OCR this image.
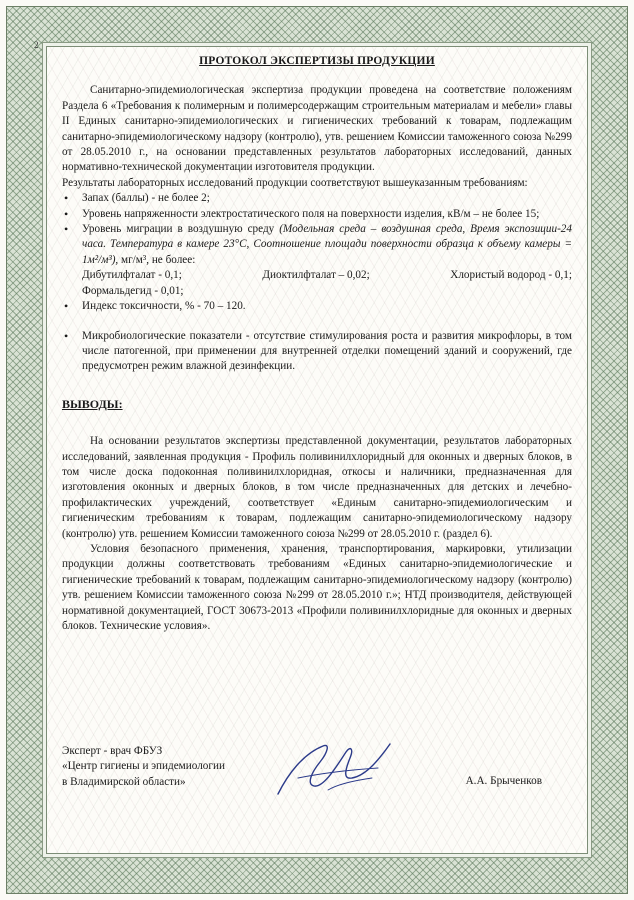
2
ПРОТОКОЛ ЭКСПЕРТИЗЫ ПРОДУКЦИИ

Санитарно-эпидемиологическая экспертиза продукции проведена на соответствие положениям Раздела 6 «Требования к полимерным и полимерсодержащим строительным материалам и мебели» главы II Единых санитарно-эпидемиологических и гигиенических требований к товарам, подлежащим санитарно-эпидемиологическому надзору (контролю), утв. решением Комиссии таможенного союза №299 от 28.05.2010 г., на основании представленных результатов лабораторных исследований, данных нормативно-технической документации изготовителя продукции.

Результаты лабораторных исследований продукции соответствуют вышеуказанным требованиям:

• Запах (баллы) - не более 2;
• Уровень напряженности электростатического поля на поверхности изделия, кВ/м – не более 15;
• Уровень миграции в воздушную среду (Модельная среда – воздушная среда, Время экспозиции-24 часа. Температура в камере 23°С, Соотношение площади поверхности образца к объему камеры = 1м²/м³), мг/м³, не более:
Дибутилфталат - 0,1;	Диоктилфталат – 0,02;	Хлористый водород - 0,1;
Формальдегид - 0,01;
• Индекс токсичности, % - 70 – 120.
• Микробиологические показатели - отсутствие стимулирования роста и развития микрофлоры, в том числе патогенной, при применении для внутренней отделки помещений зданий и сооружений, где предусмотрен режим влажной дезинфекции.
ВЫВОДЫ:

На основании результатов экспертизы представленной документации, результатов лабораторных исследований, заявленная продукция - Профиль поливинилхлоридный для оконных и дверных блоков, в том числе доска подоконная поливинилхлоридная, откосы и наличники, предназначенная для изготовления оконных и дверных блоков, в том числе предназначенных для детских и лечебно-профилактических учреждений, соответствует «Единым санитарно-эпидемиологическим и гигиеническим требованиям к товарам, подлежащим санитарно-эпидемиологическому надзору (контролю) утв. решением Комиссии таможенного союза №299 от 28.05.2010 г. (раздел 6).

Условия безопасного применения, хранения, транспортирования, маркировки, утилизации продукции должны соответствовать требованиям «Единых санитарно-эпидемиологические и гигиенические требований к товарам, подлежащим санитарно-эпидемиологическому надзору (контролю) утв. решением Комиссии таможенного союза №299 от 28.05.2010 г.»; НТД производителя, действующей нормативной документацией, ГОСТ 30673-2013 «Профили поливинилхлоридные для оконных и дверных блоков. Технические условия».

Эксперт - врач ФБУЗ
«Центр гигиены и эпидемиологии
в Владимирской области»	А.А. Брыченков
